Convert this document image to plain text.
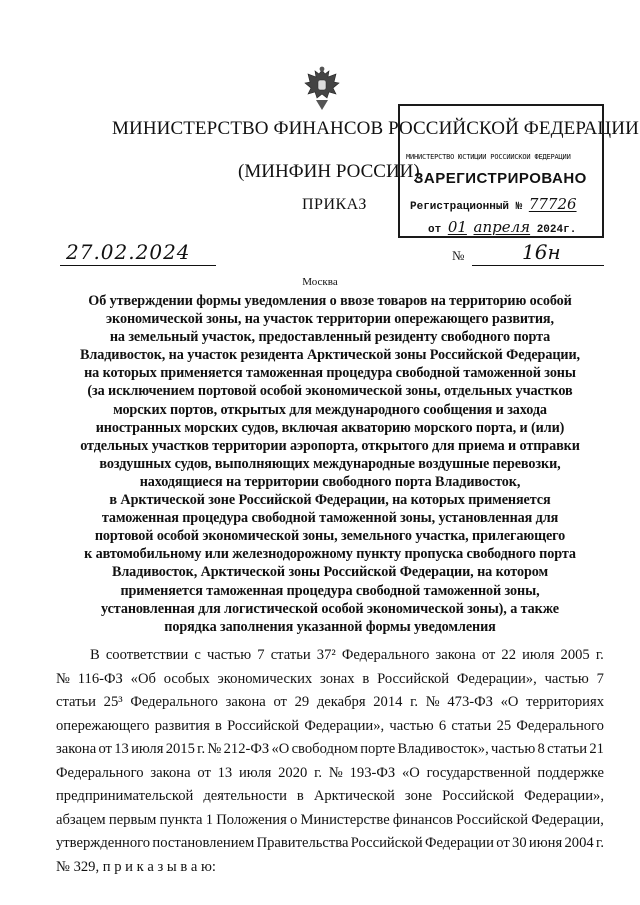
МИНИСТЕРСТВО ФИНАНСОВ РОССИЙСКОЙ ФЕДЕРАЦИИ
(МИНФИН РОССИИ)
ПРИКАЗ
МИНИСТЕРСТВО ЮСТИЦИИ РОССИЙСКОЙ ФЕДЕРАЦИИ
ЗАРЕГИСТРИРОВАНО
Регистрационный № 77726
от 01 апреля 2024г.
27.02.2024	№	16н
Москва
Об утверждении формы уведомления о ввозе товаров на территорию особой
экономической зоны, на участок территории опережающего развития,
на земельный участок, предоставленный резиденту свободного порта
Владивосток, на участок резидента Арктической зоны Российской Федерации,
на которых применяется таможенная процедура свободной таможенной зоны
(за исключением портовой особой экономической зоны, отдельных участков
морских портов, открытых для международного сообщения и захода
иностранных морских судов, включая акваторию морского порта, и (или)
отдельных участков территории аэропорта, открытого для приема и отправки
воздушных судов, выполняющих международные воздушные перевозки,
находящиеся на территории свободного порта Владивосток,
в Арктической зоне Российской Федерации, на которых применяется
таможенная процедура свободной таможенной зоны, установленная для
портовой особой экономической зоны, земельного участка, прилегающего
к автомобильному или железнодорожному пункту пропуска свободного порта
Владивосток, Арктической зоны Российской Федерации, на котором
применяется таможенная процедура свободной таможенной зоны,
установленная для логистической особой экономической зоны), а также
порядка заполнения указанной формы уведомления
В соответствии с частью 7 статьи 37² Федерального закона от 22 июля 2005 г.
№ 116-ФЗ «Об особых экономических зонах в Российской Федерации», частью 7
статьи 25³ Федерального закона от 29 декабря 2014 г. № 473-ФЗ «О территориях
опережающего развития в Российской Федерации», частью 6 статьи 25 Федерального
закона от 13 июля 2015 г. № 212-ФЗ «О свободном порте Владивосток», частью 8 статьи 21
Федерального закона от 13 июля 2020 г. № 193-ФЗ «О государственной поддержке
предпринимательской деятельности в Арктической зоне Российской Федерации»,
абзацем первым пункта 1 Положения о Министерстве финансов Российской Федерации,
утвержденного постановлением Правительства Российской Федерации от 30 июня 2004 г.
№ 329, п р и к а з ы в а ю:
